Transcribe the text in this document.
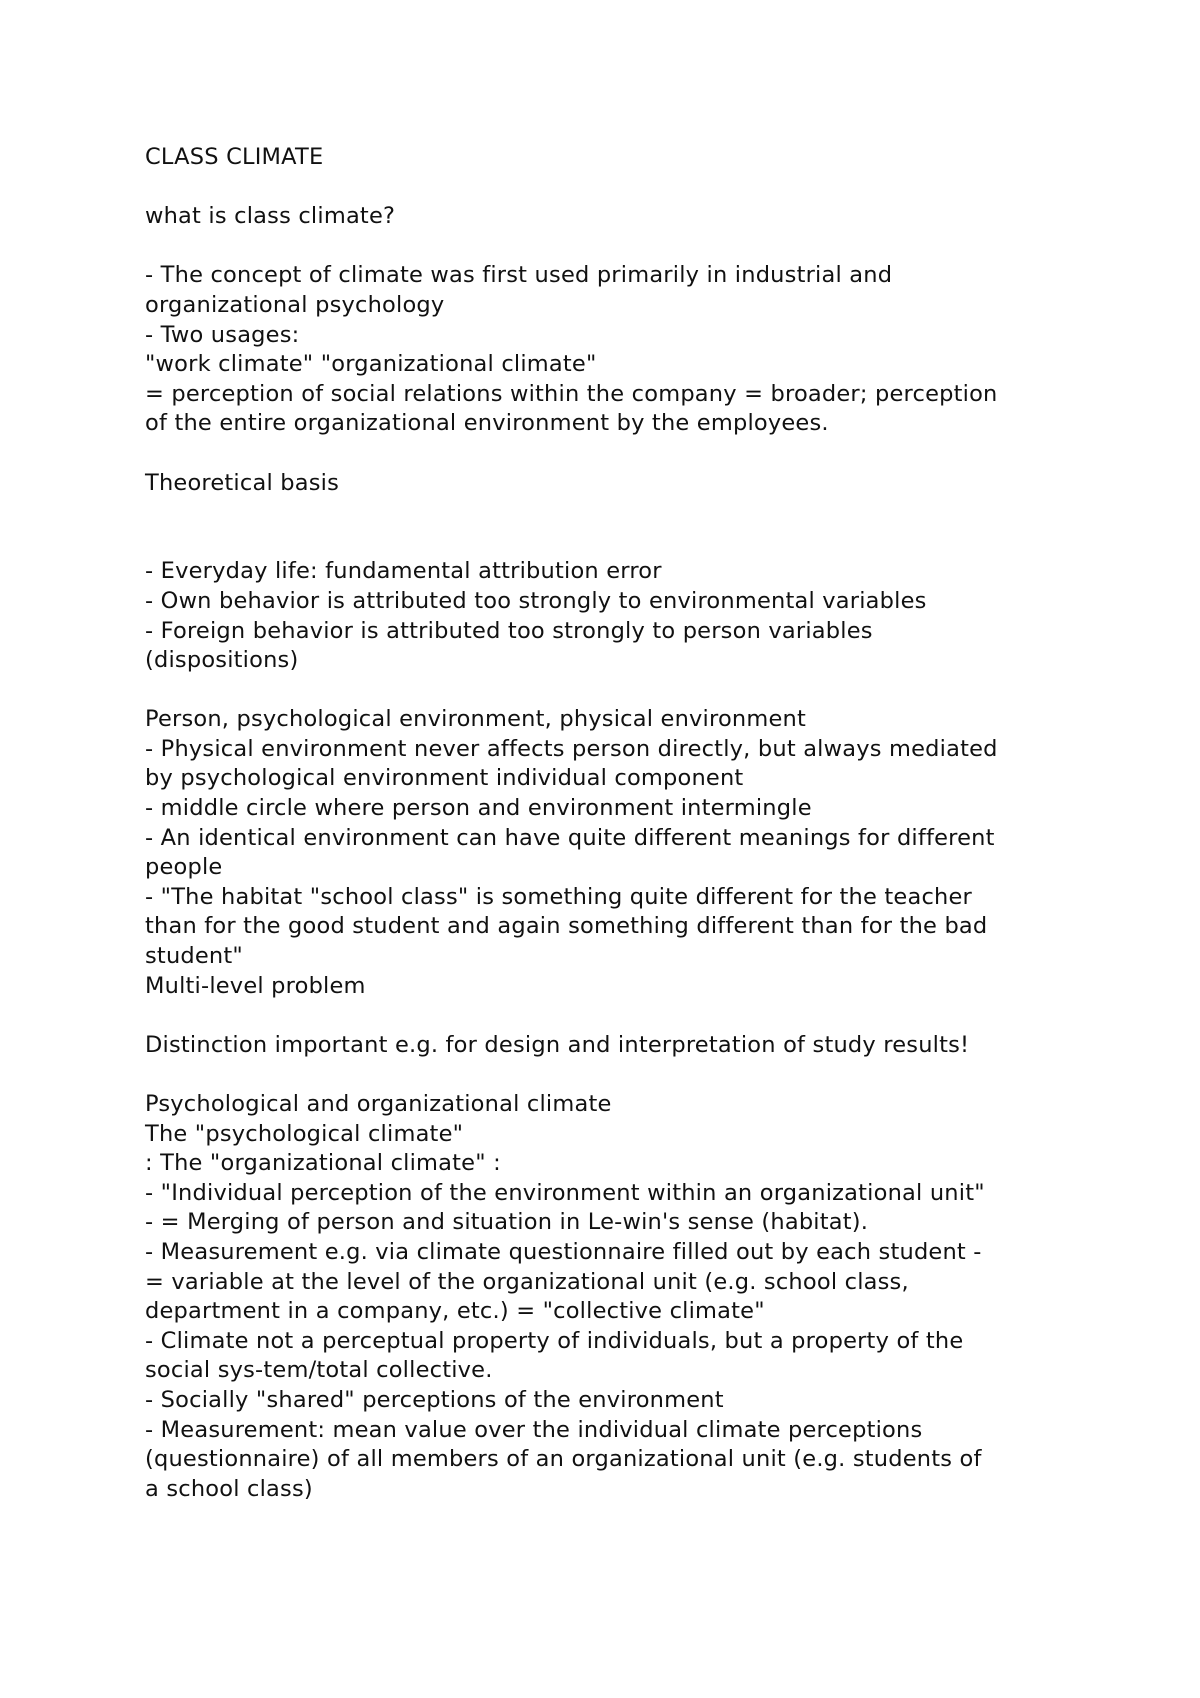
CLASS CLIMATE
what is class climate?
- The concept of climate was first used primarily in industrial and
organizational psychology
- Two usages:
"work climate" "organizational climate"
= perception of social relations within the company = broader; perception
of the entire organizational environment by the employees.
Theoretical basis
- Everyday life: fundamental attribution error
- Own behavior is attributed too strongly to environmental variables
- Foreign behavior is attributed too strongly to person variables
(dispositions)
Person, psychological environment, physical environment
- Physical environment never affects person directly, but always mediated
by psychological environment individual component
- middle circle where person and environment intermingle
- An identical environment can have quite different meanings for different
people
- "The habitat "school class" is something quite different for the teacher
than for the good student and again something different than for the bad
student"
Multi-level problem
Distinction important e.g. for design and interpretation of study results!
Psychological and organizational climate
The "psychological climate"
: The "organizational climate" :
- "Individual perception of the environment within an organizational unit"
- = Merging of person and situation in Le-win's sense (habitat).
- Measurement e.g. via climate questionnaire filled out by each student -
= variable at the level of the organizational unit (e.g. school class,
department in a company, etc.) = "collective climate"
- Climate not a perceptual property of individuals, but a property of the
social sys-tem/total collective.
- Socially "shared" perceptions of the environment
- Measurement: mean value over the individual climate perceptions
(questionnaire) of all members of an organizational unit (e.g. students of
a school class)
